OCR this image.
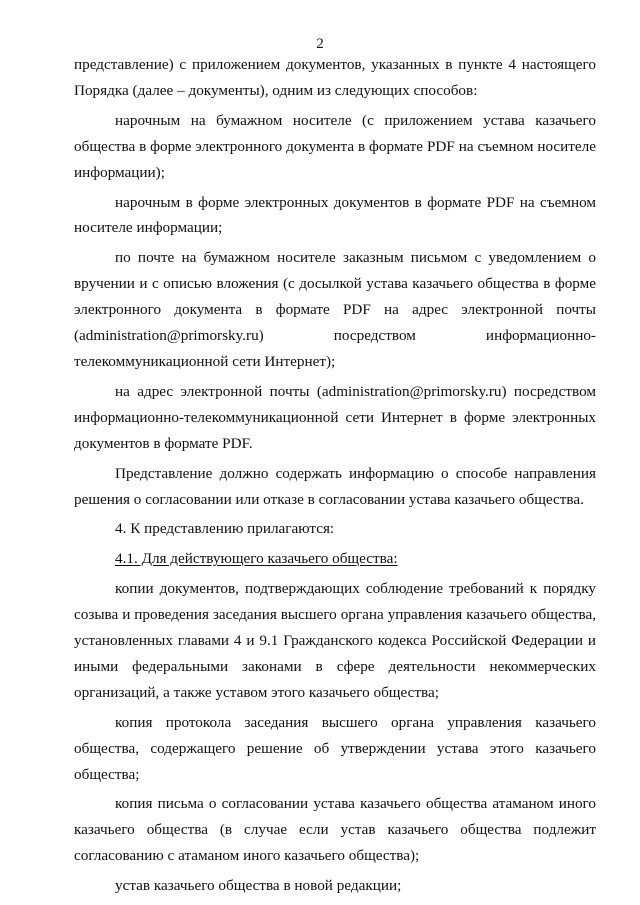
2

представление) с приложением документов, указанных в пункте 4 настоящего Порядка (далее – документы), одним из следующих способов:

нарочным на бумажном носителе (с приложением устава казачьего общества в форме электронного документа в формате PDF на съемном носителе информации);

нарочным в форме электронных документов в формате PDF на съемном носителе информации;

по почте на бумажном носителе заказным письмом с уведомлением о вручении и с описью вложения (с досылкой устава казачьего общества в форме электронного документа в формате PDF на адрес электронной почты (administration@primorsky.ru) посредством информационно-телекоммуникационной сети Интернет);

на адрес электронной почты (administration@primorsky.ru) посредством информационно-телекоммуникационной сети Интернет в форме электронных документов в формате PDF.

Представление должно содержать информацию о способе направления решения о согласовании или отказе в согласовании устава казачьего общества.

4. К представлению прилагаются:

4.1. Для действующего казачьего общества:

копии документов, подтверждающих соблюдение требований к порядку созыва и проведения заседания высшего органа управления казачьего общества, установленных главами 4 и 9.1 Гражданского кодекса Российской Федерации и иными федеральными законами в сфере деятельности некоммерческих организаций, а также уставом этого казачьего общества;

копия протокола заседания высшего органа управления казачьего общества, содержащего решение об утверждении устава этого казачьего общества;

копия письма о согласовании устава казачьего общества атаманом иного казачьего общества (в случае если устав казачьего общества подлежит согласованию с атаманом иного казачьего общества);

устав казачьего общества в новой редакции;
